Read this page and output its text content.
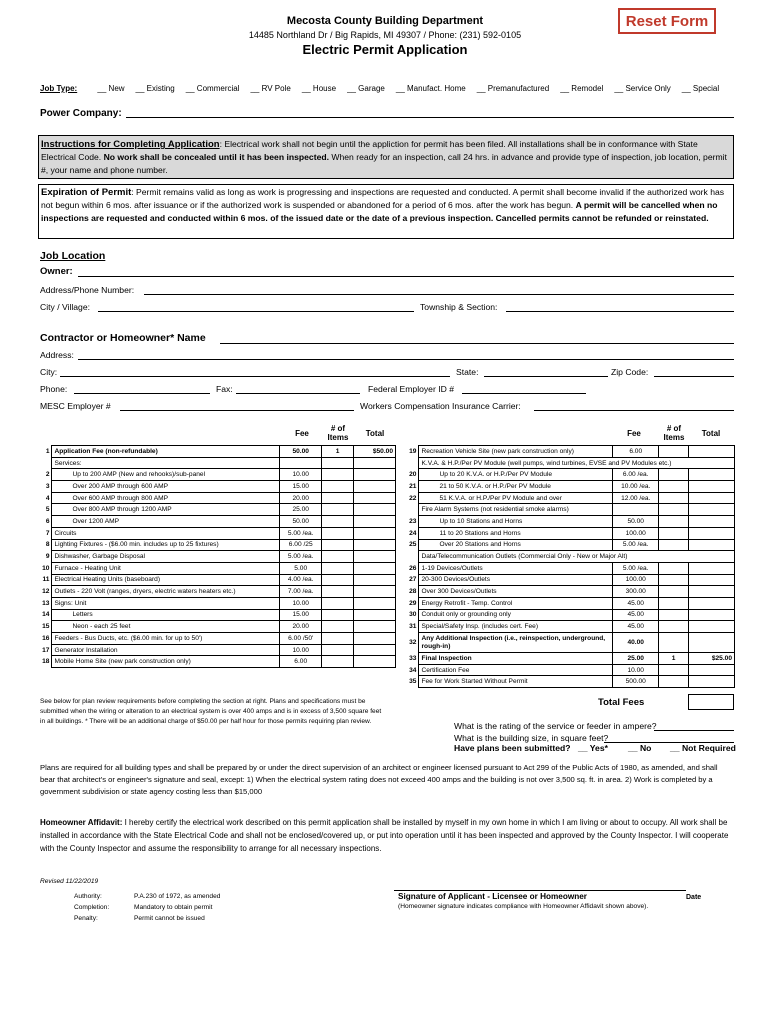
Mecosta County Building Department
14485 Northland Dr / Big Rapids, MI 49307 / Phone: (231) 592-0105
Electric Permit Application
Reset Form
Job Type:	__ New __ Existing __ Commercial __ RV Pole __ House __ Garage __ Manufact. Home __ Premanufactured __ Remodel __ Service Only __ Special
Power Company:
Instructions for Completing Application: Electrical work shall not begin until the appliction for permit has been filed. All installations shall be in conformance with State Electrical Code. No work shall be concealed until it has been inspected. When ready for an inspection, call 24 hrs. in advance and provide type of inspection, job location, permit #, your name and phone number.
Expiration of Permit: Permit remains valid as long as work is progressing and inspections are requested and conducted. A permit shall become invalid if the authorized work has not begun within 6 mos. after issuance or if the authorized work is suspended or abandoned for a period of 6 mos. after the work has begun. A permit will be cancelled when no inspections are requested and conducted within 6 mos. of the issued date or the date of a previous inspection. Cancelled permits cannot be refunded or reinstated.
Job Location
Owner:
Address/Phone Number:
City / Village:	Township & Section:
Contractor or Homeowner* Name
Address:
City:	State:	Zip Code:
Phone:	Fax:	Federal Employer ID #
MESC Employer #	Workers Compensation Insurance Carrier:
Fee
# of Items	Total	Fee
# of Items	Total
1	Application Fee (non-refundable)	50.00	1	$50.00
	Services:			
2	Up to 200 AMP (New and rehooks)/sub-panel	10.00		
3	Over 200 AMP through 600 AMP	15.00		
4	Over 600 AMP through 800 AMP	20.00		
5	Over 800 AMP through 1200 AMP	25.00		
6	Over 1200 AMP	50.00		
7	Circuits	5.00 /ea.		
8	Lighting Fixtures - ($6.00 min. includes up to 25 fixtures)	6.00 /25		
9	Dishwasher, Garbage Disposal	5.00 /ea.		
10	Furnace - Heating Unit	5.00		
11	Electrical Heating Units (baseboard)	4.00 /ea.		
12	Outlets - 220 Volt (ranges, dryers, electric waters heaters etc.)	7.00 /ea.		
13	Signs: Unit	10.00		
14	Letters	15.00		
15	Neon - each 25 feet	20.00		
16	Feeders - Bus Ducts, etc. ($6.00 min. for up to 50')	6.00 /50'		
17	Generator Installation	10.00		
18	Mobile Home Site (new park construction only)	6.00		
19	Recreation Vehicle Site (new park construction only)	6.00		
	K.V.A. & H.P./Per PV Module (well pumps, wind turbines, EVSE and PV Modules etc.)			
20	Up to 20 K.V.A. or H.P./Per PV Module	6.00 /ea.		
21	21 to 50 K.V.A. or H.P./Per PV Module	10.00 /ea.		
22	51 K.V.A. or H.P./Per PV Module and over	12.00 /ea.		
	Fire Alarm Systems (not residential smoke alarms)			
23	Up to 10 Stations and Horns	50.00		
24	11 to 20 Stations and Horns	100.00		
25	Over 20 Stations and Horns	5.00 /ea.		
	Data/Telecommunication Outlets (Commercial Only - New or Major Alt)			
26	1-19 Devices/Outlets	5.00 /ea.		
27	20-300 Devices/Outlets	100.00		
28	Over 300 Devices/Outlets	300.00		
29	Energy Retrofit - Temp. Control	45.00		
30	Conduit only or grounding only	45.00		
31	Special/Safety Insp. (includes cert. Fee)	45.00		
32	Any Additional Inspection (i.e., reinspection, underground, rough-in)	40.00		
33	Final Inspection	25.00	1	$25.00
34	Certification Fee	10.00		
35	Fee for Work Started Without Permit	500.00		
Total Fees
See below for plan review requirements before completing the section at right. Plans and specifications must be submitted when the wiring or alteration to an electrical system is over 400 amps and is in excess of 3,500 square feet in all buildings. * There will be an additional charge of $50.00 per half hour for those permits requiring plan review.	What is the rating of the service or feeder in ampere?
What is the building size, in square feet?
Have plans been submitted? __ Yes* __ No __ Not Required
Plans are required for all building types and shall be prepared by or under the direct supervision of an architect or engineer licensed pursuant to Act 299 of the Public Acts of 1980, as amended, and shall bear that architect's or engineer's signature and seal, except: 1) When the electrical system rating does not exceed 400 amps and the building is not over 3,500 sq. ft. in area. 2) Work is completed by a government subdivision or state agency costing less than $15,000
Homeowner Affidavit: I hereby certify the electrical work described on this permit application shall be installed by myself in my own home in which I am living or about to occupy. All work shall be installed in accordance with the State Electrical Code and shall not be enclosed/covered up, or put into operation until it has been inspected and approved by the County Inspector. I will cooperate with the County Inspector and assume the responsibility to arrange for all necessary inspections.
Revised 11/22/2019
Authority:	P.A.230 of 1972, as amended
Completion:	Mandatory to obtain permit
Penalty:	Permit cannot be issued
Signature of Applicant - Licensee or Homeowner	Date
(Homeowner signature indicates compliance with Homeowner Affidavit shown above).
